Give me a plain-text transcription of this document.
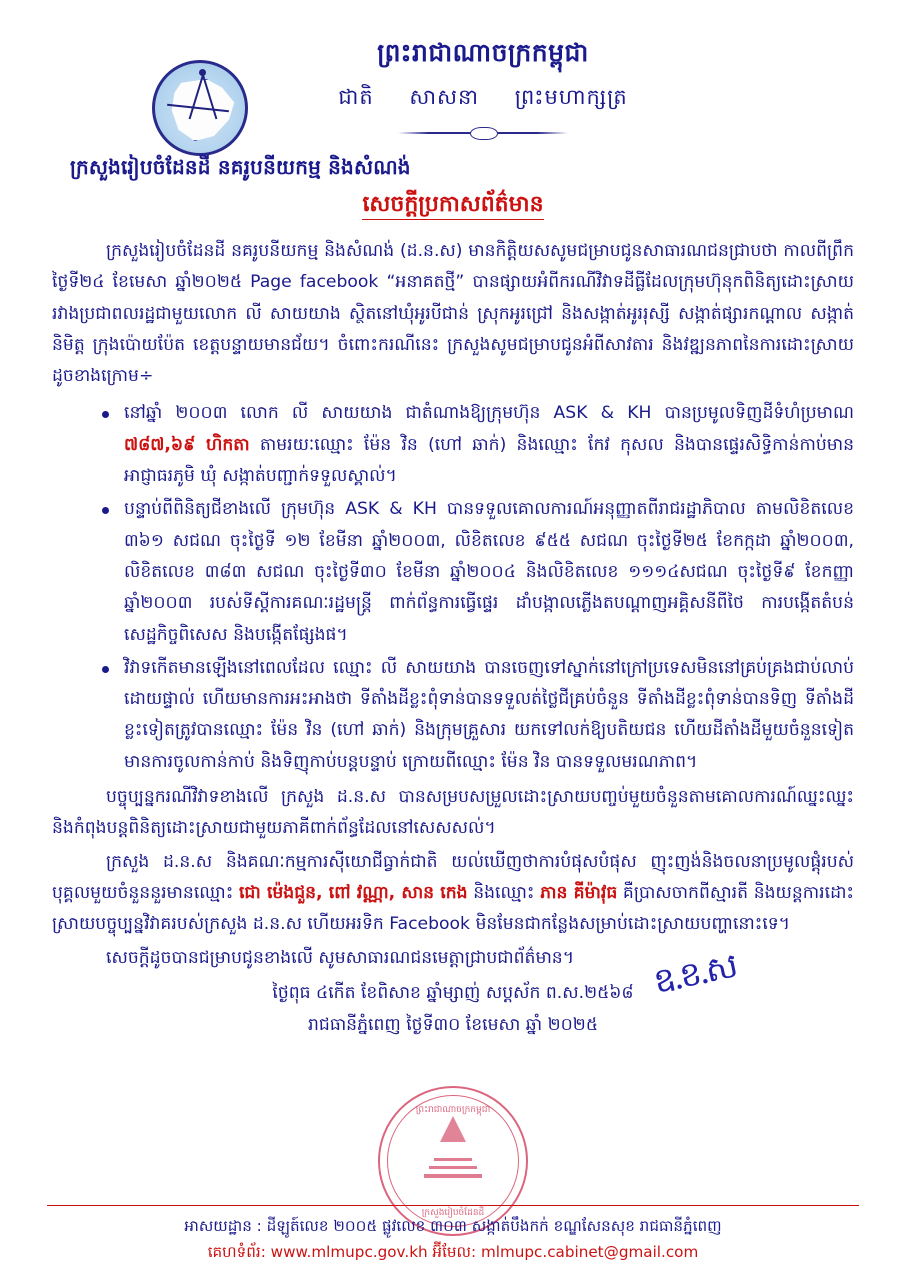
ព្រះរាជាណាចក្រកម្ពុជា
ជាតិ សាសនា ព្រះមហាក្សត្រ
ក្រសួងរៀបចំដែនដី នគរូបនីយកម្ម និងសំណង់
សេចក្តីប្រកាសព័ត៌មាន

ក្រសួងរៀបចំដែនដី នគរូបនីយកម្ម និងសំណង់ (ដ.ន.ស) មានកិត្តិយសសូមជម្រាបជូនសាធារណជនជ្រាបថា កាលពីព្រឹកថ្ងៃទី២៤ ខែមេសា ឆ្នាំ២០២៥ Page facebook “អនាគតថ្មី” បានផ្សាយអំពីករណីវិវាទដីធ្លីដែលក្រុមហ៊ុនុកពិនិត្យដោះស្រាយ រវាងប្រជាពលរដ្ឋជាមួយលោក លី សាយយាង ស្ថិតនៅឃុំអូរបីជាន់ ស្រុកអូរជ្រៅ និងសង្កាត់អូររុស្សី សង្កាត់ផ្សារកណ្តាល សង្កាត់និមិត្ត ក្រុងប៉ោយប៉ែត ខេត្តបន្ទាយមានជ័យ។ ចំពោះករណីនេះ ក្រសួងសូមជម្រាបជូនអំពីសាវតារ និងវឌ្ឍនភាពនៃការដោះស្រាយដូចខាងក្រោម÷

នៅឆ្នាំ ២០០៣ លោក លី សាយយាង ជាតំណាងឱ្យក្រុមហ៊ុន ASK & KH បានប្រមូលទិញដីទំហំប្រមាណ ៧៨៧,៦៩ ហិកតា តាមរយៈឈ្មោះ ម៉ែន វិន (ហៅ ឆាក់) និងឈ្មោះ កែវ កុសល និងបានផ្ទេរសិទ្ធិកាន់កាប់មានអាជ្ញាធរភូមិ ឃុំ សង្កាត់បញ្ជាក់ទទួលស្គាល់។
បន្ទាប់ពីពិនិត្យជីខាងលើ ក្រុមហ៊ុន ASK & KH បានទទួលគោលការណ៍អនុញ្ញាតពីរាជរដ្ឋាភិបាល តាមលិខិតលេខ ៣៦១ សជណ ចុះថ្ងៃទី ១២ ខែមីនា ឆ្នាំ២០០៣, លិខិតលេខ ៩៥៥ សជណ ចុះថ្ងៃទី២៥ ខែកក្កដា ឆ្នាំ២០០៣, លិខិតលេខ ៣៨៣ សជណ ចុះថ្ងៃទី៣០ ខែមីនា ឆ្នាំ២០០៤ និងលិខិតលេខ ១១១៤សជណ ចុះថ្ងៃទី៩ ខែកញ្ញា ឆ្នាំ២០០៣ របស់ទីស្តីការគណៈរដ្ឋមន្ត្រី ពាក់ព័ន្ធការធ្វើផ្ទេរ ដាំបង្កាលភ្លើងតបណ្តាញអគ្គិសនីពីថៃ ការបង្កើតតំបន់សេដ្ឋកិច្ចពិសេស និងបង្កើតផ្សែងផ។
វិវាទកើតមានឡើងនៅពេលដែល ឈ្មោះ លី សាយយាង បានចេញទៅស្នាក់នៅក្រៅប្រទេសមិននៅគ្រប់គ្រងជាប់លាប់ដោយផ្ទាល់ ហើយមានការអះអាងថា ទីតាំងដីខ្លះពុំទាន់បានទទួលត់ថ្លៃជីគ្រប់ចំនួន ទីតាំងដីខ្លះពុំទាន់បានទិញ ទីតាំងដីខ្លះទៀតត្រូវបានឈ្មោះ ម៉ែន វិន (ហៅ ឆាក់) និងក្រុមគ្រួសារ យកទៅលក់ឱ្យបតិយជន ហើយដីតាំងដីមួយចំនួនទៀតមានការចូលកាន់កាប់ និងទិញុកាប់បន្តបន្ទាប់ ក្រោយពីឈ្មោះ ម៉ែន វិន បានទទួលមរណភាព។

បច្ចុប្បន្នករណីវិវាទខាងលើ ក្រសួង ដ.ន.ស បានសម្របសម្រួលដោះស្រាយបញ្ចប់មួយចំនួនតាមគោលការណ៍ឈ្នះឈ្នះ និងកំពុងបន្តពិនិត្យដោះស្រាយជាមួយភាគីពាក់ព័ន្ធដែលនៅសេសសល់។

ក្រសួង ដ.ន.ស និងគណៈកម្មការសុីយោជីធ្វាក់ជាតិ យល់ឃើញថាការបំផុសបំផុស ញុះញង់និងចលនាប្រមូលផ្តុំរបស់បុគ្គលមួយចំនួននួរមានឈ្មោះ ជោ ម៉េងជួន, ពៅ វណ្ណា, សាន កេង និងឈ្មោះ ភាន គីម៉ាវុធ គឺប្រាសចាកពីស្មារតី និងយន្តការដោះស្រាយបច្ចុប្បន្នវិវាគរបស់ក្រសួង ដ.ន.ស ហើយអរទិក Facebook មិនមែនជាកន្លែងសម្រាប់ដោះស្រាយបញ្ហានោះទេ។

សេចក្តីដូចបានជម្រាបជូនខាងលើ សូមសាធារណជនមេត្តាជ្រាបជាព័ត៌មាន។	ឧ.ខ.ស
ថ្ងៃពុធ ៤កើត ខែពិសាខ ឆ្នាំម្សាញ់ សប្តស័ក ព.ស.២៥៦៨
រាជធានីភ្នំពេញ ថ្ងៃទី៣០ ខែមេសា ឆ្នាំ ២០២៥
ព្រះរាជាណាចក្រកម្ពុជា
ក្រសួងរៀបចំដែនដី
អាសយដ្ឋាន : ដីឡូត៍លេខ ២០០៥ ផ្លូវលេខ ៣០៣ សង្កាត់បឹងកក់ ខណ្ឌសែនសុខ រាជធានីភ្នំពេញ
គេហទំព័រ: www.mlmupc.gov.kh អ៊ីមែល: mlmupc.cabinet@gmail.com
